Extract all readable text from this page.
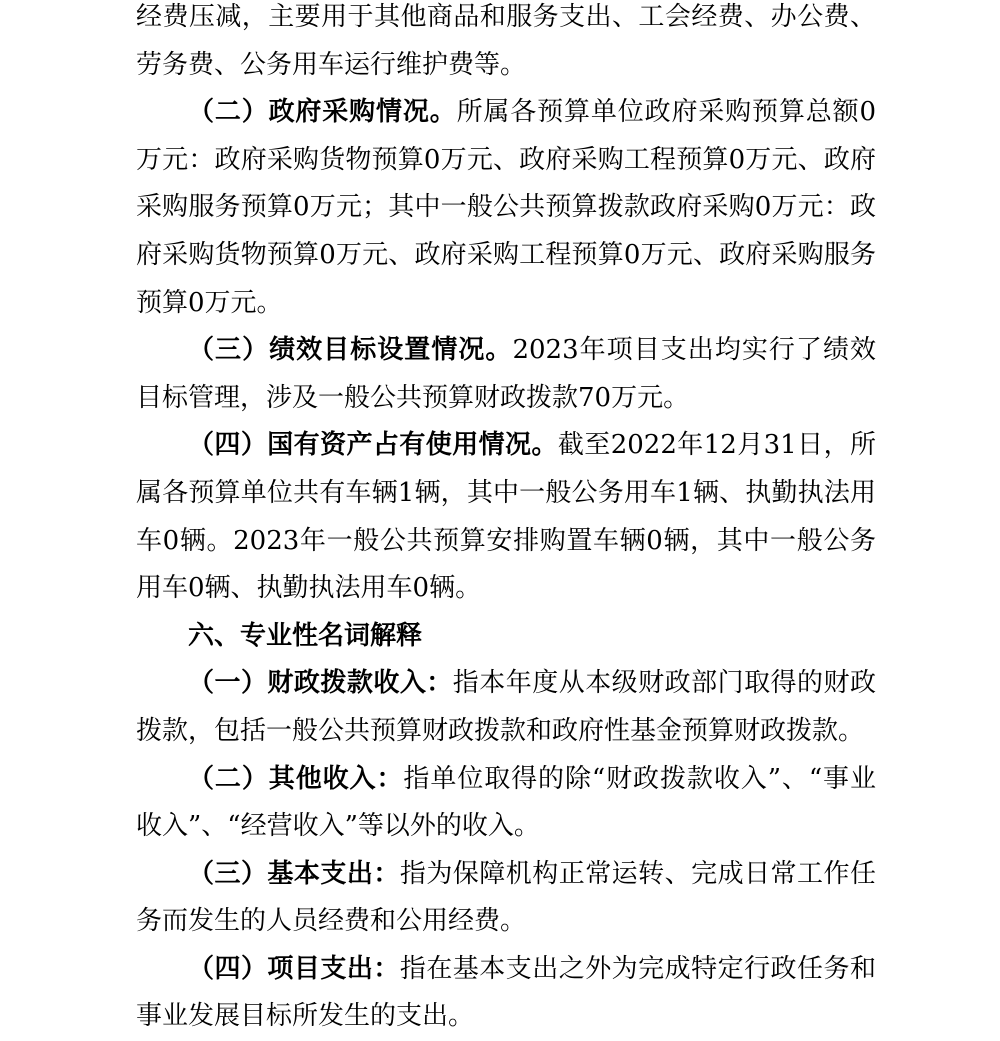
经费压减，主要用于其他商品和服务支出、工会经费、办公费、劳务费、公务用车运行维护费等。

（二）政府采购情况。所属各预算单位政府采购预算总额0万元：政府采购货物预算0万元、政府采购工程预算0万元、政府采购服务预算0万元；其中一般公共预算拨款政府采购0万元：政府采购货物预算0万元、政府采购工程预算0万元、政府采购服务预算0万元。

（三）绩效目标设置情况。2023年项目支出均实行了绩效目标管理，涉及一般公共预算财政拨款70万元。

（四）国有资产占有使用情况。截至2022年12月31日，所属各预算单位共有车辆1辆，其中一般公务用车1辆、执勤执法用车0辆。2023年一般公共预算安排购置车辆0辆，其中一般公务用车0辆、执勤执法用车0辆。

六、专业性名词解释

（一）财政拨款收入：指本年度从本级财政部门取得的财政拨款，包括一般公共预算财政拨款和政府性基金预算财政拨款。

（二）其他收入：指单位取得的除“财政拨款收入”、“事业收入”、“经营收入”等以外的收入。

（三）基本支出：指为保障机构正常运转、完成日常工作任务而发生的人员经费和公用经费。

（四）项目支出：指在基本支出之外为完成特定行政任务和事业发展目标所发生的支出。
